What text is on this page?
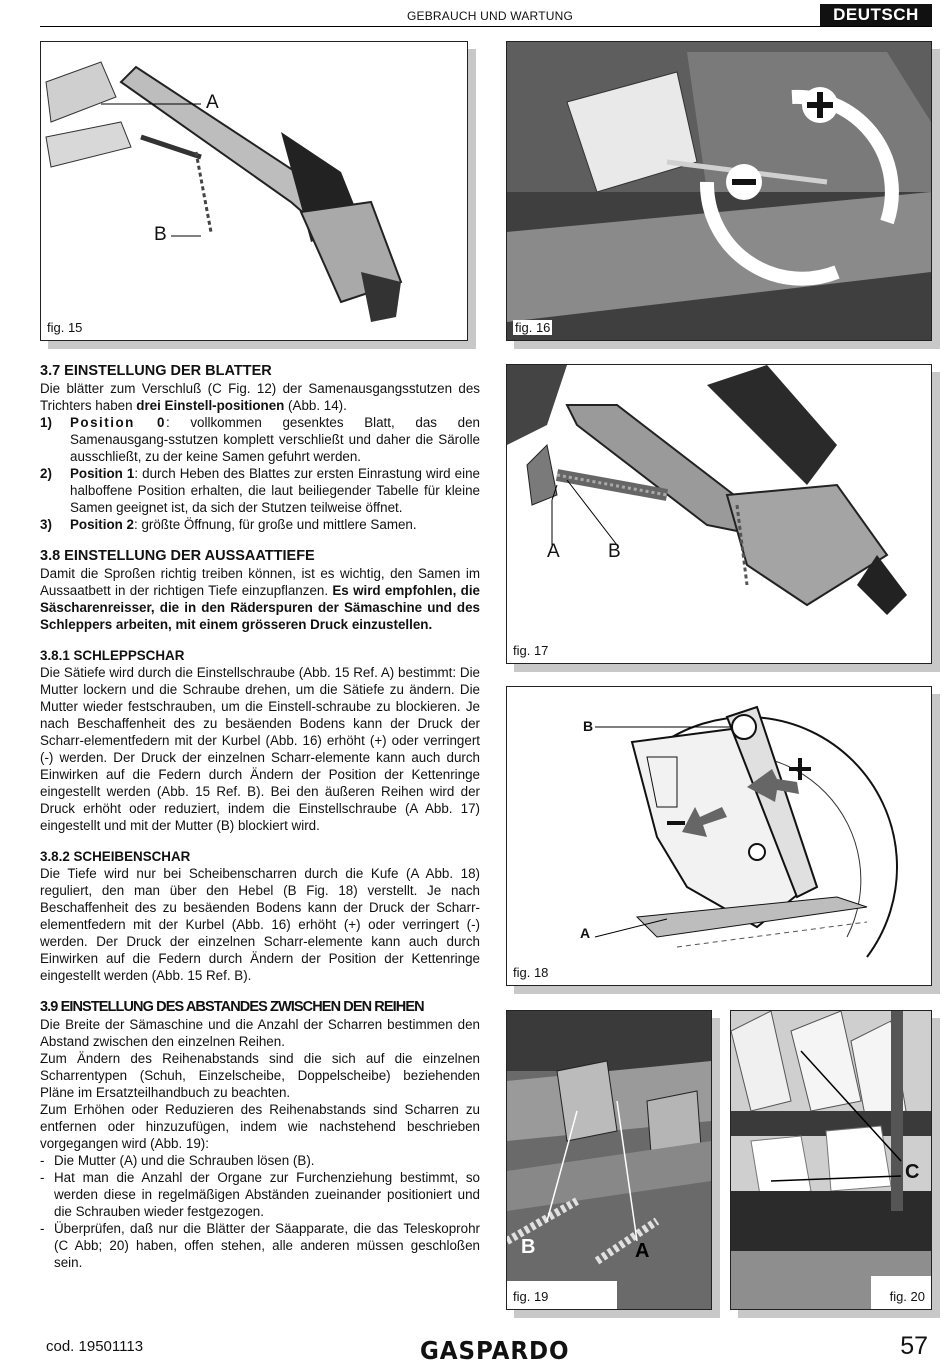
GEBRAUCH UND WARTUNG	DEUTSCH
A
B
fig. 15	fig. 16
A	B
fig. 17
B
A
fig. 18
B	A
fig. 19
C
fig. 20
3.7 EINSTELLUNG DER BLATTER

Die blätter zum Verschluß (C Fig. 12) der Samenausgangsstutzen des Trichters haben drei Einstell-positionen (Abb. 14).

1) Position 0: vollkommen gesenktes Blatt, das den Samenausgang-sstutzen komplett verschließt und daher die Särolle ausschließt, zu der keine Samen gefuhrt werden.
2) Position 1: durch Heben des Blattes zur ersten Einrastung wird eine halboffene Position erhalten, die laut beiliegender Tabelle für kleine Samen geeignet ist, da sich der Stutzen teilweise öffnet.
3) Position 2: größte Öffnung, für große und mittlere Samen.
3.8 EINSTELLUNG DER AUSSAATTIEFE

Damit die Sproßen richtig treiben können, ist es wichtig, den Samen im Aussaatbett in der richtigen Tiefe einzupflanzen. Es wird empfohlen, die Säscharenreisser, die in den Räderspuren der Sämaschine und des Schleppers arbeiten, mit einem grösseren Druck einzustellen.

3.8.1 SCHLEPPSCHAR

Die Sätiefe wird durch die Einstellschraube (Abb. 15 Ref. A) bestimmt: Die Mutter lockern und die Schraube drehen, um die Sätiefe zu ändern. Die Mutter wieder festschrauben, um die Einstell-schraube zu blockieren. Je nach Beschaffenheit des zu besäenden Bodens kann der Druck der Scharr-elementfedern mit der Kurbel (Abb. 16) erhöht (+) oder verringert (-) werden. Der Druck der einzelnen Scharr-elemente kann auch durch Einwirken auf die Federn durch Ändern der Position der Kettenringe eingestellt werden (Abb. 15 Ref. B). Bei den äußeren Reihen wird der Druck erhöht oder reduziert, indem die Einstellschraube (A Abb. 17) eingestellt und mit der Mutter (B) blockiert wird.

3.8.2 SCHEIBENSCHAR

Die Tiefe wird nur bei Scheibenscharren durch die Kufe (A Abb. 18) reguliert, den man über den Hebel (B Fig. 18) verstellt. Je nach Beschaffenheit des zu besäenden Bodens kann der Druck der Scharr-elementfedern mit der Kurbel (Abb. 16) erhöht (+) oder verringert (-) werden. Der Druck der einzelnen Scharr-elemente kann auch durch Einwirken auf die Federn durch Ändern der Position der Kettenringe eingestellt werden (Abb. 15 Ref. B).

3.9 EINSTELLUNG DES ABSTANDES ZWISCHEN DEN REIHEN

Die Breite der Sämaschine und die Anzahl der Scharren bestimmen den Abstand zwischen den einzelnen Reihen.

Zum Ändern des Reihenabstands sind die sich auf die einzelnen Scharrentypen (Schuh, Einzelscheibe, Doppelscheibe) beziehenden Pläne im Ersatzteilhandbuch zu beachten.

Zum Erhöhen oder Reduzieren des Reihenabstands sind Scharren zu entfernen oder hinzuzufügen, indem wie nachstehend beschrieben vorgegangen wird (Abb. 19):

- Die Mutter (A) und die Schrauben lösen (B).
- Hat man die Anzahl der Organe zur Furchenziehung bestimmt, so werden diese in regelmäßigen Abständen zueinander positioniert und die Schrauben wieder festgezogen.
- Überprüfen, daß nur die Blätter der Säapparate, die das Teleskoprohr (C Abb; 20) haben, offen stehen, alle anderen müssen geschloßen sein.
cod. 19501113	GASPARDO	57
